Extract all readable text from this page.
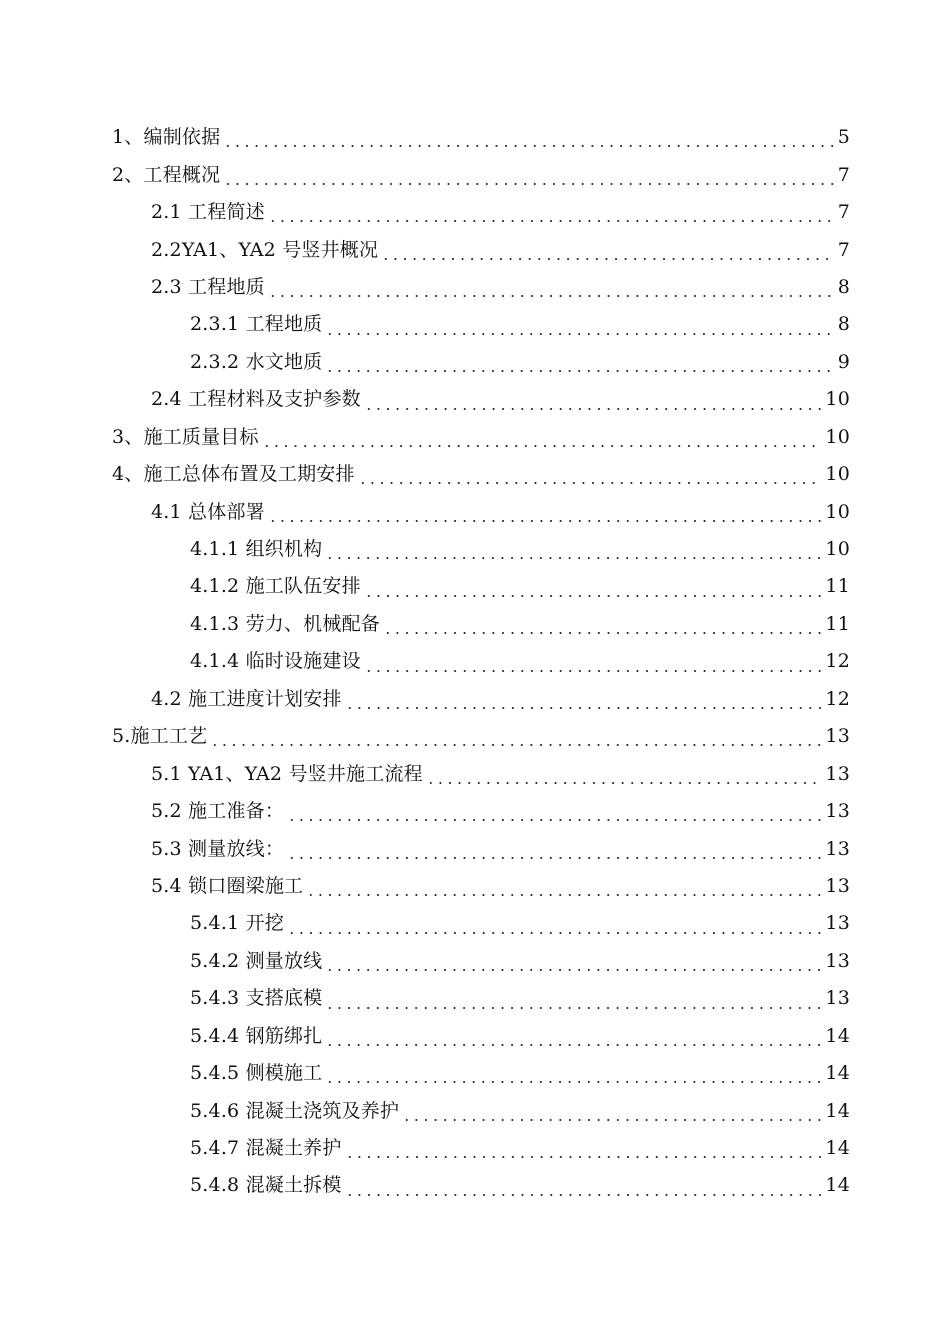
1、编制依据	5
2、工程概况	7
2.1 工程简述	7
2.2YA1、YA2 号竖井概况	7
2.3 工程地质	8
2.3.1 工程地质	8
2.3.2 水文地质	9
2.4 工程材料及支护参数	10
3、施工质量目标	10
4、施工总体布置及工期安排	10
4.1 总体部署	10
4.1.1 组织机构	10
4.1.2 施工队伍安排	11
4.1.3 劳力、机械配备	11
4.1.4 临时设施建设	12
4.2 施工进度计划安排	12
5.施工工艺	13
5.1 YA1、YA2 号竖井施工流程	13
5.2 施工准备：	13
5.3 测量放线：	13
5.4 锁口圈梁施工	13
5.4.1 开挖	13
5.4.2 测量放线	13
5.4.3 支搭底模	13
5.4.4 钢筋绑扎	14
5.4.5 侧模施工	14
5.4.6 混凝土浇筑及养护	14
5.4.7 混凝土养护	14
5.4.8 混凝土拆模	14
